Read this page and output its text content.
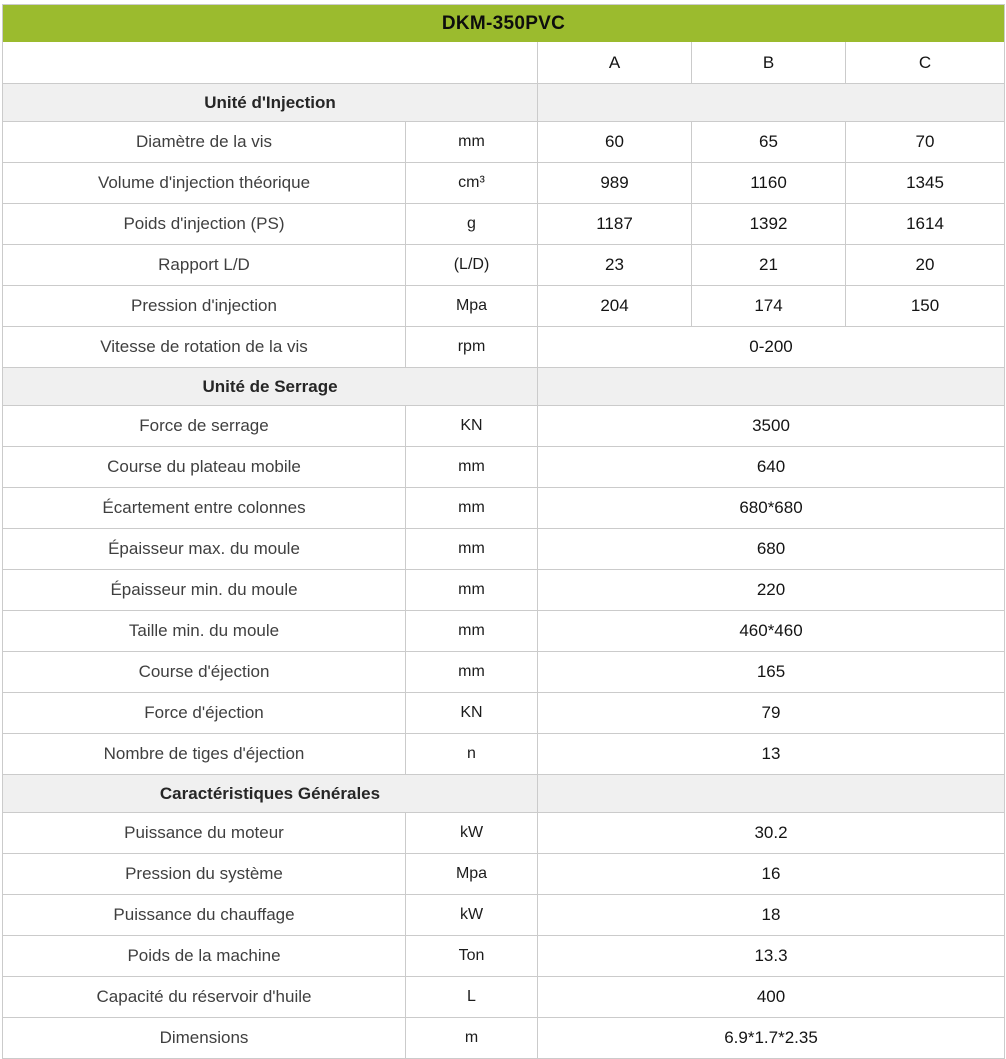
DKM-350PVC				
		A	B	C
Unité d'Injection				
Diamètre de la vis	mm	60	65	70
Volume d'injection théorique	cm³	989	1160	1345
Poids d'injection (PS)	g	1187	1392	1614
Rapport L/D	(L/D)	23	21	20
Pression d'injection	Mpa	204	174	150
Vitesse de rotation de la vis	rpm	0-200		
Unité de Serrage				
Force de serrage	KN	3500		
Course du plateau mobile	mm	640		
Écartement entre colonnes	mm	680*680		
Épaisseur max. du moule	mm	680		
Épaisseur min. du moule	mm	220		
Taille min. du moule	mm	460*460		
Course d'éjection	mm	165		
Force d'éjection	KN	79		
Nombre de tiges d'éjection	n	13		
Caractéristiques Générales				
Puissance du moteur	kW	30.2		
Pression du système	Mpa	16		
Puissance du chauffage	kW	18		
Poids de la machine	Ton	13.3		
Capacité du réservoir d'huile	L	400		
Dimensions	m	6.9*1.7*2.35		
